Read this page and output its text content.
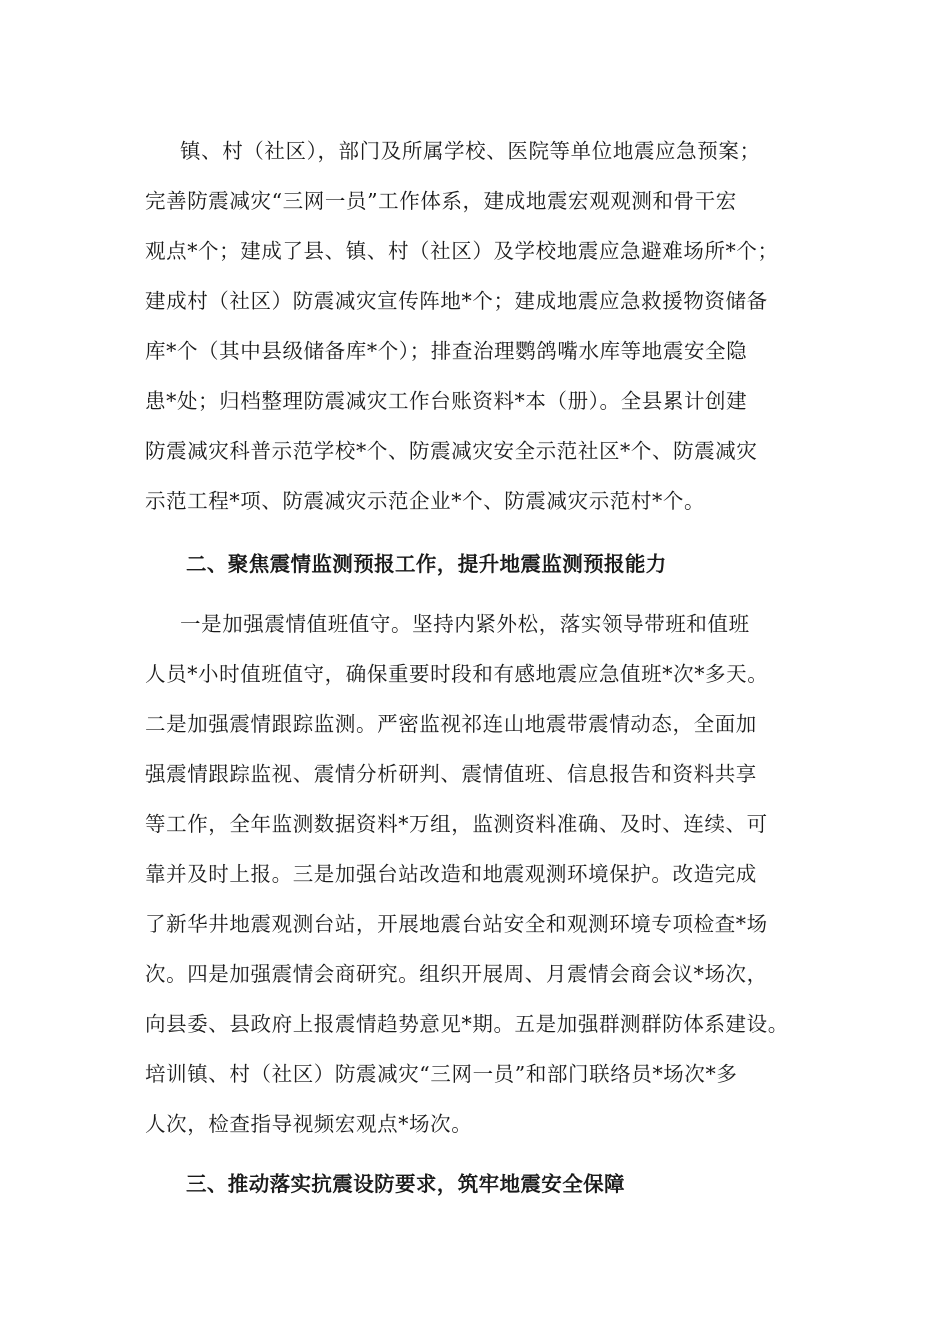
镇、村（社区），部门及所属学校、医院等单位地震应急预案；
完善防震减灾“三网一员”工作体系，建成地震宏观观测和骨干宏
观点*个；建成了县、镇、村（社区）及学校地震应急避难场所*个；
建成村（社区）防震减灾宣传阵地*个；建成地震应急救援物资储备
库*个（其中县级储备库*个）；排查治理鹦鸽嘴水库等地震安全隐
患*处；归档整理防震减灾工作台账资料*本（册）。全县累计创建
防震减灾科普示范学校*个、防震减灾安全示范社区*个、防震减灾
示范工程*项、防震减灾示范企业*个、防震减灾示范村*个。
二、聚焦震情监测预报工作，提升地震监测预报能力
一是加强震情值班值守。坚持内紧外松，落实领导带班和值班
人员*小时值班值守，确保重要时段和有感地震应急值班*次*多天。
二是加强震情跟踪监测。严密监视祁连山地震带震情动态，全面加
强震情跟踪监视、震情分析研判、震情值班、信息报告和资料共享
等工作，全年监测数据资料*万组，监测资料准确、及时、连续、可
靠并及时上报。三是加强台站改造和地震观测环境保护。改造完成
了新华井地震观测台站，开展地震台站安全和观测环境专项检查*场
次。四是加强震情会商研究。组织开展周、月震情会商会议*场次，
向县委、县政府上报震情趋势意见*期。五是加强群测群防体系建设。
培训镇、村（社区）防震减灾“三网一员”和部门联络员*场次*多
人次，检查指导视频宏观点*场次。
三、推动落实抗震设防要求，筑牢地震安全保障
